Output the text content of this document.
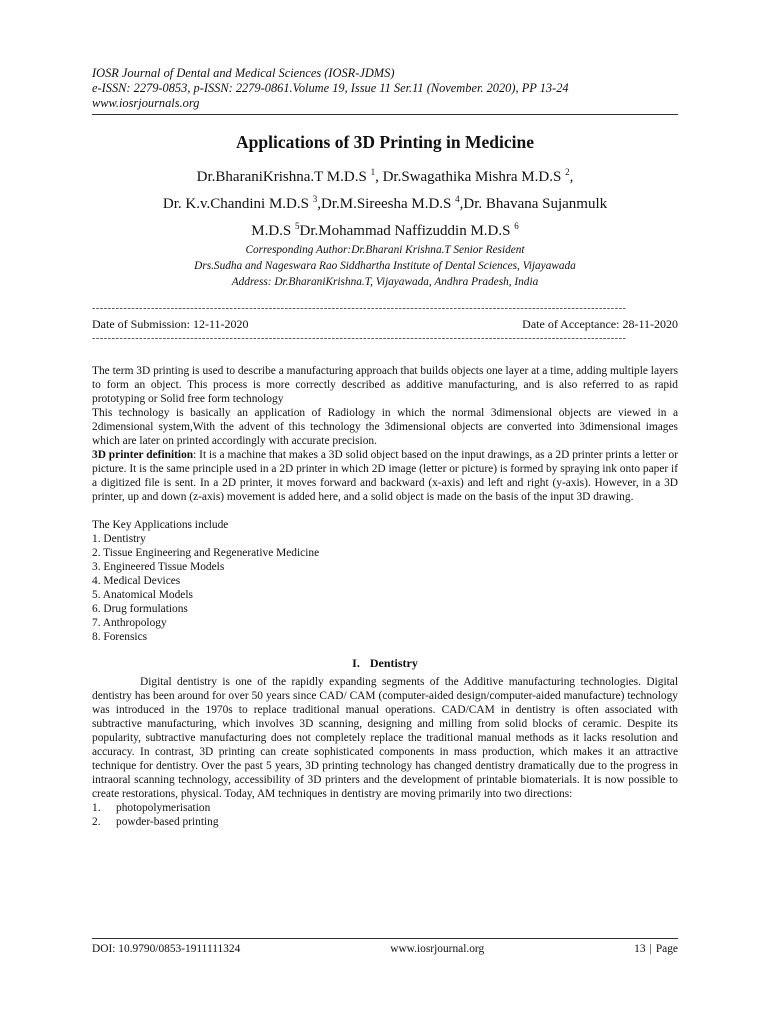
IOSR Journal of Dental and Medical Sciences (IOSR-JDMS)
e-ISSN: 2279-0853, p-ISSN: 2279-0861.Volume 19, Issue 11 Ser.11 (November. 2020), PP 13-24
www.iosrjournals.org
Applications of 3D Printing in Medicine
Dr.BharaniKrishna.T M.D.S $^1$, Dr.Swagathika Mishra M.D.S $^2$,
Dr. K.v.Chandini M.D.S $^3$,Dr.M.Sireesha M.D.S $^4$,Dr. Bhavana Sujanmulk
M.D.S $^5$Dr.Mohammad Naffizuddin M.D.S $^6$
Corresponding Author:Dr.Bharani Krishna.T Senior Resident
Drs.Sudha and Nageswara Rao Siddhartha Institute of Dental Sciences, Vijayawada
Address: Dr.BharaniKrishna.T, Vijayawada, Andhra Pradesh, India
----------------------------------------------------------------------------------------------------------------------------------------
Date of Submission: 12-11-2020	Date of Acceptance: 28-11-2020
----------------------------------------------------------------------------------------------------------------------------------------

The term 3D printing is used to describe a manufacturing approach that builds objects one layer at a time, adding multiple layers to form an object. This process is more correctly described as additive manufacturing, and is also referred to as rapid prototyping or Solid free form technology

This technology is basically an application of Radiology in which the normal 3dimensional objects are viewed in a 2dimensional system,With the advent of this technology the 3dimensional objects are converted into 3dimensional images which are later on printed accordingly with accurate precision.

3D printer definition: It is a machine that makes a 3D solid object based on the input drawings, as a 2D printer prints a letter or picture. It is the same principle used in a 2D printer in which 2D image (letter or picture) is formed by spraying ink onto paper if a digitized file is sent. In a 2D printer, it moves forward and backward (x-axis) and left and right (y-axis). However, in a 3D printer, up and down (z-axis) movement is added here, and a solid object is made on the basis of the input 3D drawing.

The Key Applications include
1. Dentistry
2. Tissue Engineering and Regenerative Medicine
3. Engineered Tissue Models
4. Medical Devices
5. Anatomical Models
6. Drug formulations
7. Anthropology
8. Forensics
I. Dentistry

Digital dentistry is one of the rapidly expanding segments of the Additive manufacturing technologies. Digital dentistry has been around for over 50 years since CAD/ CAM (computer-aided design/computer-aided manufacture) technology was introduced in the 1970s to replace traditional manual operations. CAD/CAM in dentistry is often associated with subtractive manufacturing, which involves 3D scanning, designing and milling from solid blocks of ceramic. Despite its popularity, subtractive manufacturing does not completely replace the traditional manual methods as it lacks resolution and accuracy. In contrast, 3D printing can create sophisticated components in mass production, which makes it an attractive technique for dentistry. Over the past 5 years, 3D printing technology has changed dentistry dramatically due to the progress in intraoral scanning technology, accessibility of 3D printers and the development of printable biomaterials. It is now possible to create restorations, physical. Today, AM techniques in dentistry are moving primarily into two directions:

1. photopolymerisation
2. powder-based printing
DOI: 10.9790/0853-1911111324	www.iosrjournal.org	13 | Page
